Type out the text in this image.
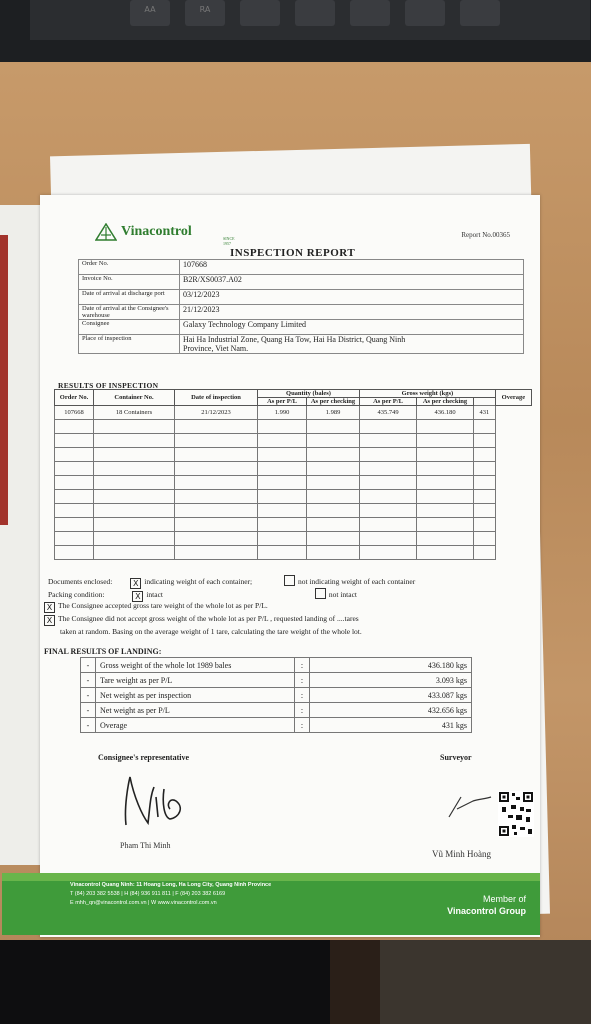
AA	RA
Vinacontrol	SINCE 1957
Report No.00365
INSPECTION REPORT
Order No.	107668
Invoice No.	B2R/XS0037.A02
Date of arrival at discharge port	03/12/2023
Date of arrival at the Consignee's warehouse	21/12/2023
Consignee	Galaxy Technology Company Limited
Place of inspection	Hai Ha Industrial Zone, Quang Ha Tow, Hai Ha District, Quang Ninh
Province, Viet Nam.
RESULTS OF INSPECTION
Order No.	Container No.	Date of inspection	Quantity (bales)		Gross weight (kgs)			Overage
			As per P/L	As per checking	As per P/L	As per checking		
107668	18 Containers	21/12/2023	1.990	1.989	435.749	436.180	431	

Documents enclosed:	X indicating weight of each container;	not indicating weight of each container
Packing condition:	X intact	not intact
X The Consignee accepted gross tare weight of the whole lot as per P/L.
X The Consignee did not accept gross weight of the whole lot as per P/L , requested landing of ....tares
taken at random. Basing on the average weight of 1 tare, calculating the tare weight of the whole lot.
FINAL RESULTS OF LANDING:
-	Gross weight of the whole lot 1989 bales	:	436.180 kgs
-	Tare weight as per P/L	:	3.093 kgs
-	Net weight as per inspection	:	433.087 kgs
-	Net weight as per P/L	:	432.656 kgs
-	Overage	:	431 kgs
Consignee's representative	Surveyor
Pham Thi Minh
Vũ Minh Hoàng
Vinacontrol Quang Ninh: 11 Hoang Long, Ha Long City, Quang Ninh Province
T (84) 203 382 5538 | H (84) 936 911 811 | F (84) 203 382 6169
E mhh_qn@vinacontrol.com.vn | W www.vinacontrol.com.vn	Member of
Vinacontrol Group
